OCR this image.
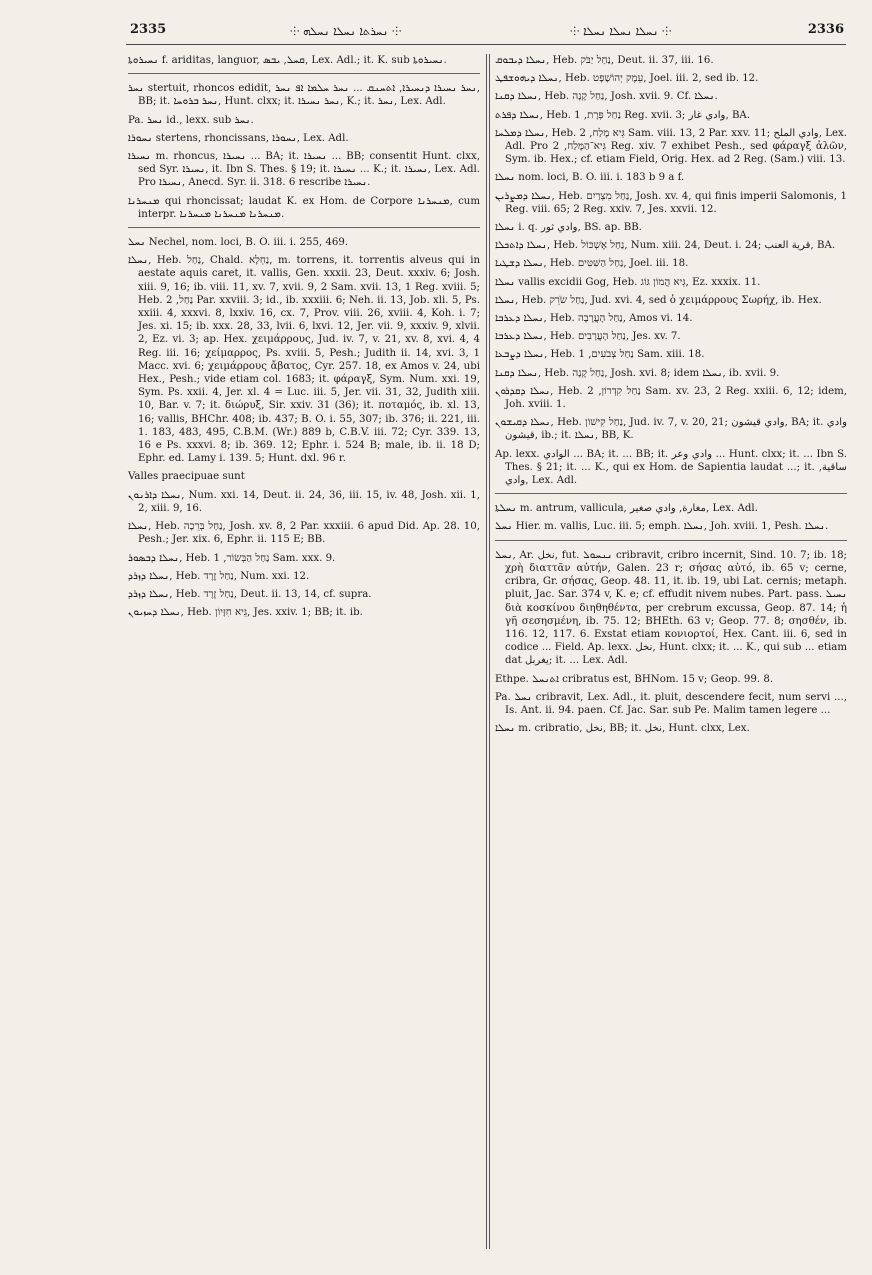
2335	⸭ ܢܚܪܬܐ ܢܚܠܐ ܢܚܠܗ ⸭	⸭ ܢܚܠܐ ܢܚܠܐ ܢܚܠܐ ⸭	2336

ܢܚܝܪܘܬܐ f. ariditas, languor, ܩܚܠ, ܝܒܣ, Lex. Adl.; it. K. sub ܢܚܝܪܘܬܐ.

ܢܚܪ stertuit, rhoncos edidit, ܢܚܪ ܢܚܝܪܐ ܕܢܚܝܪܐ, ܐܬܚܢܩ ... ܢܚܪ ܚܠܡܐ ܐܦ ܢܚܪ, BB; it. ܢܚܪ ܒܪܘܚܐ, Hunt. clxx; it. ܢܚܪ ܢܚܝܪܐ, K.; it. ܢܚܪ, Lex. Adl.

Pa. ܢܚܪ id., lexx. sub ܢܚܪ.

ܢܚܘܪܐ stertens, rhoncissans, ܢܚܘܪܐ, Lex. Adl.

ܢܚܝܪܐ m. rhoncus, ܢܚܝܪܐ ... BA; it. ܢܚܝܪܐ ... BB; consentit Hunt. clxx, sed Syr. ܢܚܝܪܐ, it. Ibn S. Thes. § 19; it. ܢܚܝܪܐ ... K.; it. ܢܚܝܪܐ, Lex. Adl. Pro ܢܚܝܪܐ, Anecd. Syr. ii. 318. 6 rescribe ܢܚܝܪܐ.

ܡܢܚܪܢܐ qui rhoncissat; laudat K. ex Hom. de Corpore ܡܢܚܪܢܐ, cum interpr. ܡܢܚܪܢܐ ܡܢܚܪܢܐ ܡܢܚܪܢܐ.

ܢܚܠ Nechel, nom. loci, B. O. iii. i. 255, 469.

ܢܚܠܐ, Heb. נַחַל, Chald. נַחְלָא, m. torrens, it. torrentis alveus qui in aestate aquis caret, it. vallis, Gen. xxxii. 23, Deut. xxxiv. 6; Josh. xiii. 9, 16; ib. viii. 11, xv. 7, xvii. 9, 2 Sam. xvii. 13, 1 Reg. xviii. 5; Heb. נַחַל, 2 Par. xxviii. 3; id., ib. xxxiii. 6; Neh. ii. 13, Job. xli. 5, Ps. xxiii. 4, xxxvi. 8, lxxiv. 16, cx. 7, Prov. viii. 26, xviii. 4, Koh. i. 7; Jes. xi. 15; ib. xxx. 28, 33, lvii. 6, lxvi. 12, Jer. vii. 9, xxxiv. 9, xlvii. 2, Ez. vi. 3; ap. Hex. χειμάρρους, Jud. iv. 7, v. 21, xv. 8, xvi. 4, 4 Reg. iii. 16; χείμαρρος, Ps. xviii. 5, Pesh.; Judith ii. 14, xvi. 3, 1 Macc. xvi. 6; χειμάρρους ἄβατος, Cyr. 257. 18, ex Amos v. 24, ubi Hex., Pesh.; vide etiam col. 1683; it. φάραγξ, Sym. Num. xxi. 19, Sym. Ps. xxii. 4, Jer. xl. 4 = Luc. iii. 5, Jer. vii. 31, 32, Judith xiii. 10, Bar. v. 7; it. διώρυξ, Sir. xxiv. 31 (36); it. ποταμός, ib. xl. 13, 16; vallis, BHChr. 408; ib. 437; B. O. i. 55, 307; ib. 376; ii. 221, iii. 1. 183, 483, 495, C.B.M. (Wr.) 889 b, C.B.V. iii. 72; Cyr. 339. 13, 16 e Ps. xxxvi. 8; ib. 369. 12; Ephr. i. 524 B; male, ib. ii. 18 D; Ephr. ed. Lamy i. 139. 5; Hunt. dxl. 96 r.

Valles praecipuae sunt

ܢܚܠܐ ܕܐܪܢܘܢ, Num. xxi. 14, Deut. ii. 24, 36, iii. 15, iv. 48, Josh. xii. 1, 2, xiii. 9, 16.

ܢܚܠܐ, Heb. נַחַל בְּרֵכָה, Josh. xv. 8, 2 Par. xxxiii. 6 apud Did. Ap. 28. 10, Pesh.; Jer. xix. 6, Ephr. ii. 115 E; BB.

ܢܚܠܐ ܕܒܣܘܪ, Heb. נַחַל הַבְּשׂוֹר, 1 Sam. xxx. 9.

ܢܚܠܐ ܕܙܪܕ, Heb. נַחַל זֶרֶד, Num. xxi. 12.

ܢܚܠܐ ܕܙܪܕ, Heb. נַחַל זֶרֶד, Deut. ii. 13, 14, cf. supra.

ܢܚܠܐ ܕܚܙܝܘܢ, Heb. גֵּיא חִזָּיוֹן, Jes. xxiv. 1; BB; it. ib.

ܢܚܠܐ ܕܝܒܘܩ, Heb. נַחַל יַבֹּק, Deut. ii. 37, iii. 16.

ܢܚܠܐ ܕܝܗܘܫܦܛ, Heb. עֵמֶק יְהוֹשָׁפָט, Joel. iii. 2, sed ib. 12.

ܢܚܠܐ ܕܩܢܐ, Heb. נַחַל קָנָה, Josh. xvii. 9. Cf. ܢܚܠܐ.

ܢܚܠܐ ܕܦܪܬ, Heb. נַחַל פְּרָת, 1 Reg. xvii. 3; وادي غار, BA.

ܢܚܠܐ ܕܡܠܚܐ, Heb. גֵּיא מֶלַח, 2 Sam. viii. 13, 2 Par. xxv. 11; وادي الملح, Lex. Adl. Pro גֵּיא־הַמֶּלַח, 2 Reg. xiv. 7 exhibet Pesh., sed φάραγξ ἀλῶν, Sym. ib. Hex.; cf. etiam Field, Orig. Hex. ad 2 Reg. (Sam.) viii. 13.

ܢܚܠܐ nom. loci, B. O. iii. i. 183 b 9 a f.

ܢܚܠܐ ܕܡܨܪܝܢ, Heb. נַחַל מִצְרַיִם, Josh. xv. 4, qui finis imperii Salomonis, 1 Reg. viii. 65; 2 Reg. xxiv. 7, Jes. xxvii. 12.

ܢܚܠܐ i. q. وادي ثور, BS. ap. BB.

ܢܚܠܐ ܕܐܬܟܠܐ, Heb. נַחַל אֶשְׁכּוֹל, Num. xiii. 24, Deut. i. 24; قرية العنب, BA.

ܢܚܠܐ ܕܫܛܝܐ, Heb. נַחַל הַשִּׁטִּים, Joel. iii. 18.

ܢܚܠܐ vallis excidii Gog, Heb. גֵּיא הֲמוֹן גּוֹג, Ez. xxxix. 11.

ܢܚܠܐ, Heb. נַחַל שֹׂרֵק, Jud. xvi. 4, sed ὁ χειμάρρους Σωρήχ, ib. Hex.

ܢܚܠܐ ܕܥܪܒܐ, Heb. נַחַל הָעֲרָבָה, Amos vi. 14.

ܢܚܠܐ ܕܥܪܒܐ, Heb. נַחַל הָעֲרָבִים, Jes. xv. 7.

ܢܚܠܐ ܕܨܒܥܐ, Heb. נַחַל צְבֹעִים, 1 Sam. xiii. 18.

ܢܚܠܐ ܕܩܢܐ, Heb. נַחַל קָנָה, Josh. xvi. 8; idem ܢܚܠܐ, ib. xvii. 9.

ܢܚܠܐ ܕܩܕܪܘܢ, Heb. נַחַל קִדְרוֹן, 2 Sam. xv. 23, 2 Reg. xxiii. 6, 12; idem, Joh. xviii. 1.

ܢܚܠܐ ܕܩܝܫܘܢ, Heb. נַחַל קִישׁוֹן, Jud. iv. 7, v. 20, 21; وادي قيشون, BA; it. وادي قيشون, ib.; it. ܢܚܠܐ, BB, K.

Ap. lexx. الوادي ... BA; it. ... BB; it. وادي وعر ... Hunt. clxx; it. ... Ibn S. Thes. § 21; it. ... K., qui ex Hom. de Sapientia laudat ...; it. ساقية, وادي, Lex. Adl.

ܢܚܠܬܐ m. antrum, vallicula, مغارة, وادي صغير, Lex. Adl.

ܢܚܠ Hier. m. vallis, Luc. iii. 5; emph. ܢܚܠܐ, Joh. xviii. 1, Pesh. ܢܚܠܐ.

ܢܚܠ, Ar. نخل, fut. ܢܢܚܘܠ cribravit, cribro incernit, Sind. 10. 7; ib. 18; χρὴ διαττᾶν αὐτήν, Galen. 23 r; σήσας αὐτό, ib. 65 v; cerne, cribra, Gr. σήσας, Geop. 48. 11, it. ib. 19, ubi Lat. cernis; metaph. pluit, Jac. Sar. 374 v, K. e; cf. effudit nivem nubes. Part. pass. ܢܚܝܠ διὰ κοσκίνου διηθηθέντα, per crebrum excussa, Geop. 87. 14; ἡ γῆ σεσησμένη, ib. 75. 12; BHEth. 63 v; Geop. 77. 8; σησθέν, ib. 116. 12, 117. 6. Exstat etiam κονιορτοί, Hex. Cant. iii. 6, sed in codice ... Field. Ap. lexx. نخل, Hunt. clxx; it. ... K., qui sub ... etiam dat يغربل; it. ... Lex. Adl.

Ethpe. ܐܬܢܚܠ cribratus est, BHNom. 15 v; Geop. 99. 8.

Pa. ܢܚܠ cribravit, Lex. Adl., it. pluit, descendere fecit, num servi ..., Is. Ant. ii. 94. paen. Cf. Jac. Sar. sub Pe. Malim tamen legere ...

ܢܚܠܐ m. cribratio, نخل, BB; it. نخل, Hunt. clxx, Lex.
